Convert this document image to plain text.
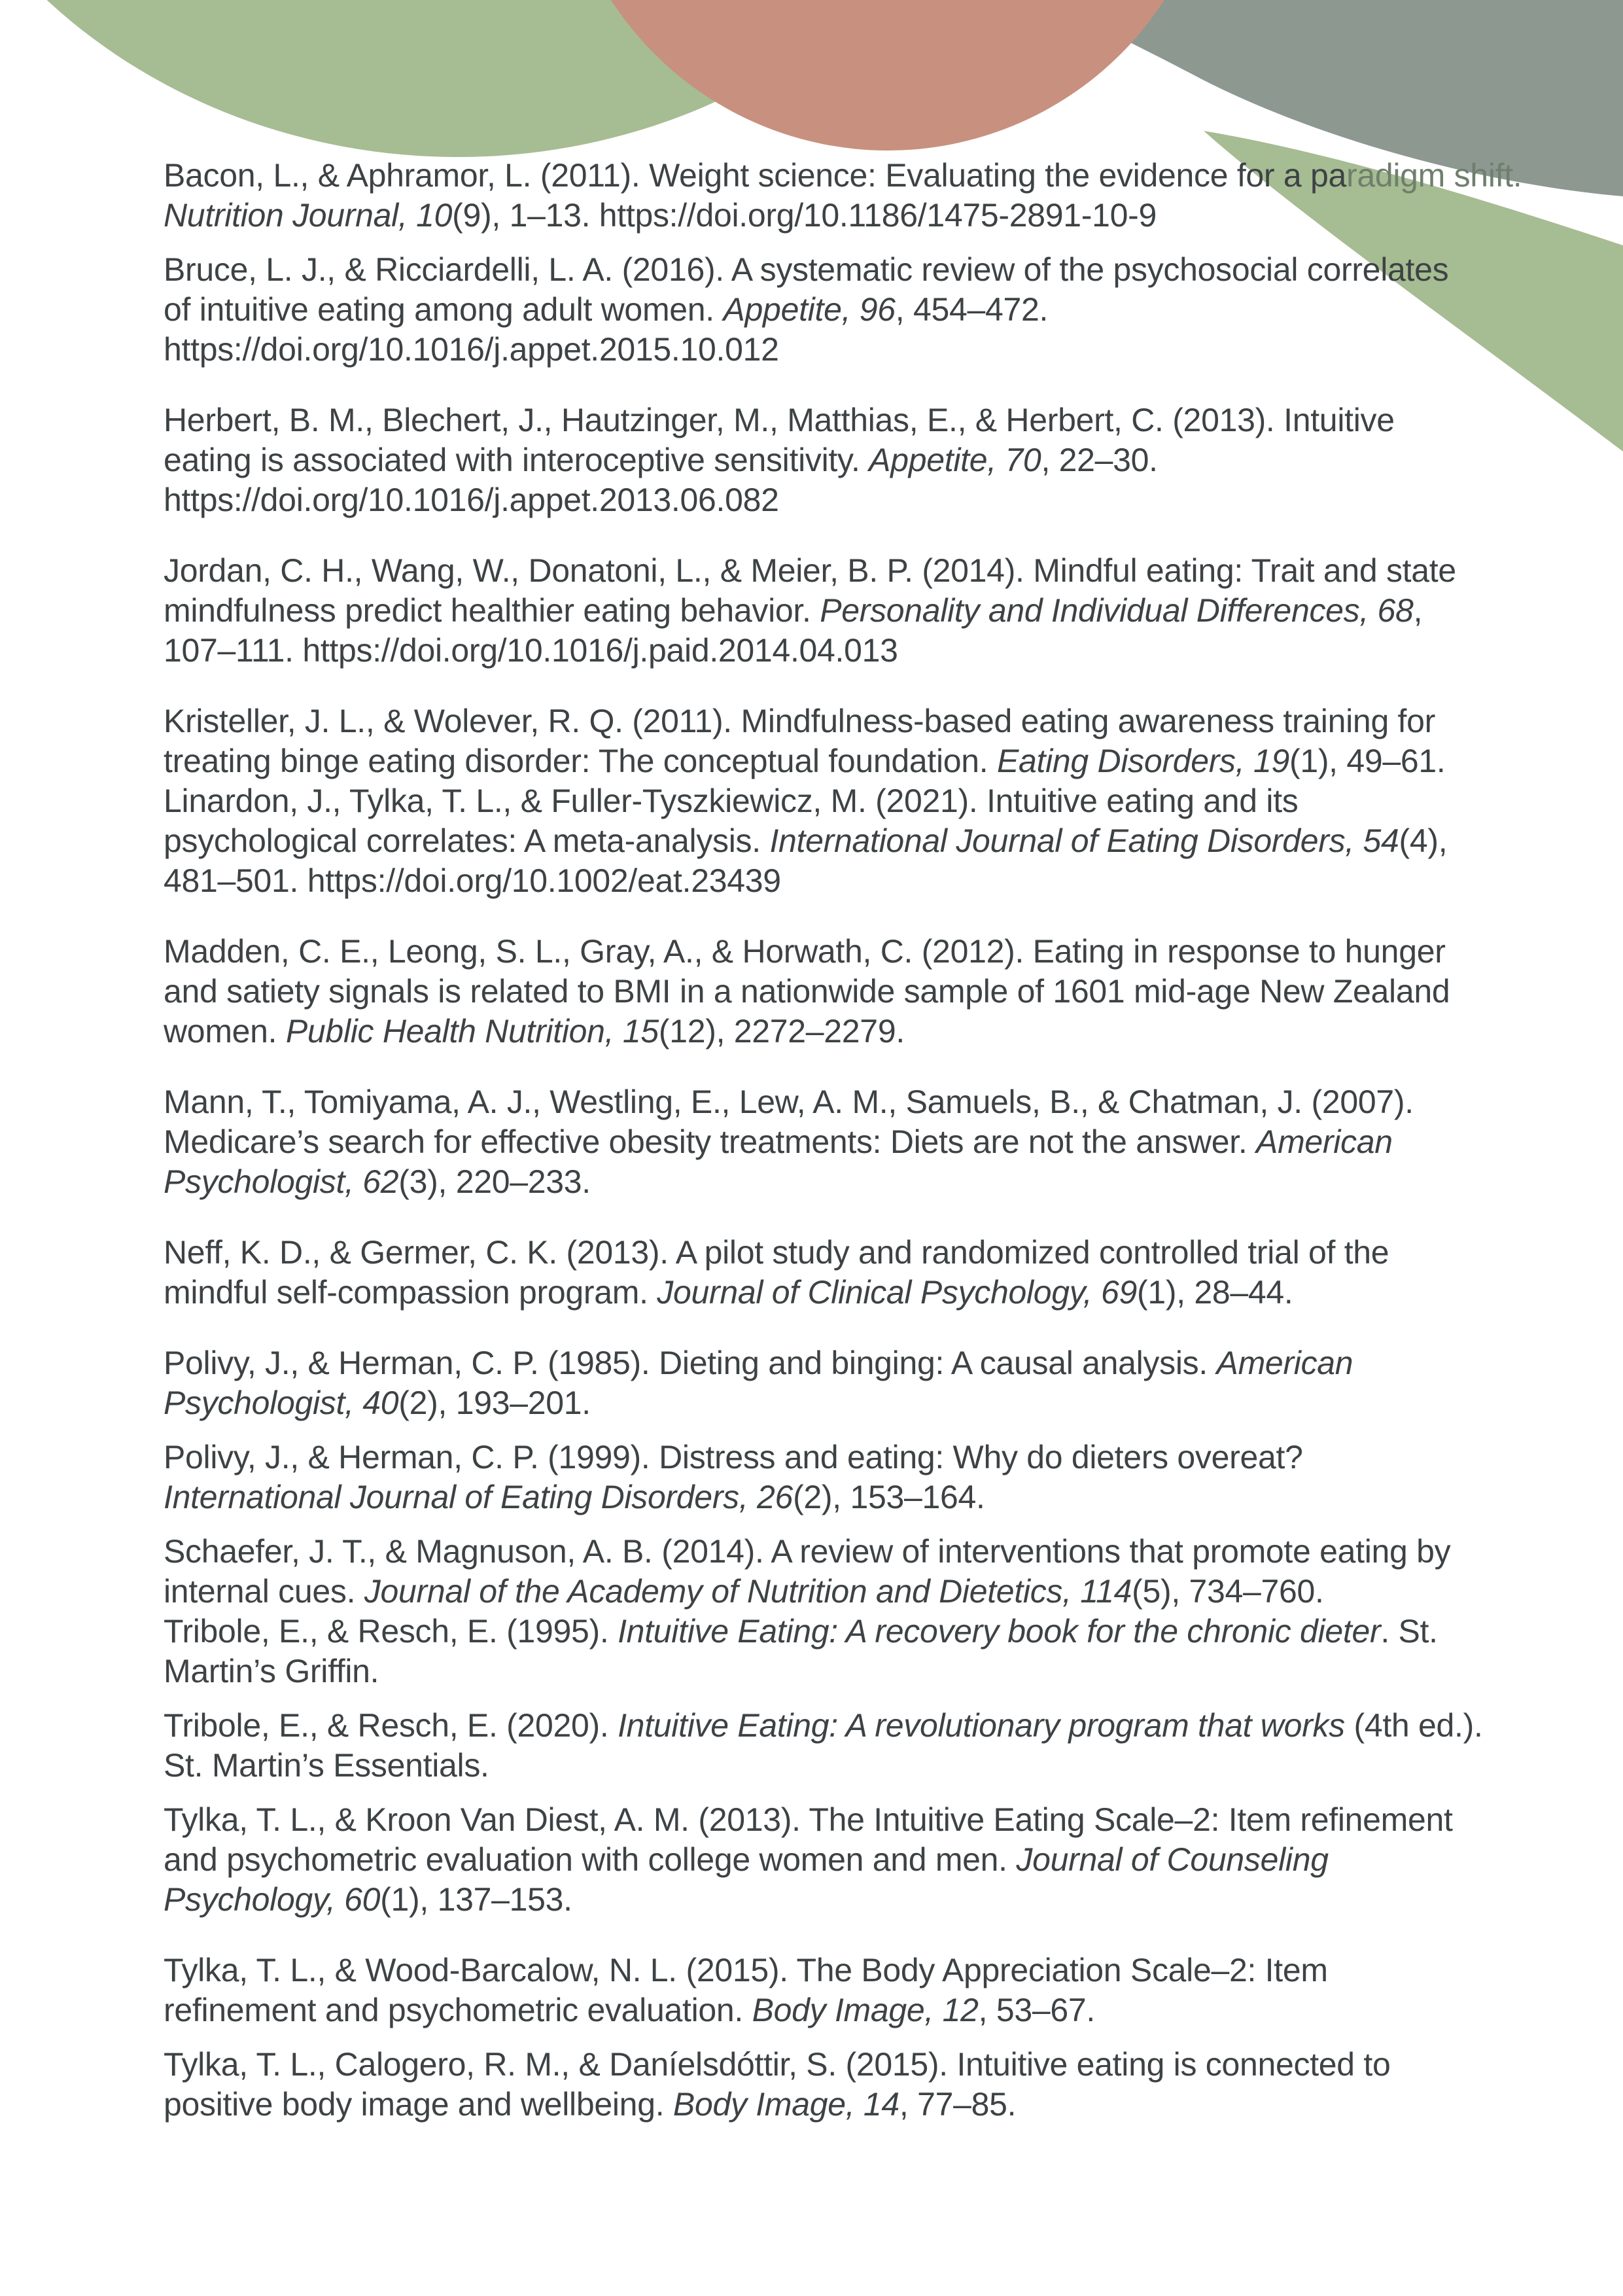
Bacon, L., & Aphramor, L. (2011). Weight science: Evaluating the evidence for a paradigm shift.
Nutrition Journal, 10(9), 1–13. https://doi.org/10.1186/1475-2891-10-9
Bruce, L. J., & Ricciardelli, L. A. (2016). A systematic review of the psychosocial correlates
of intuitive eating among adult women. Appetite, 96, 454–472.
https://doi.org/10.1016/j.appet.2015.10.012
Herbert, B. M., Blechert, J., Hautzinger, M., Matthias, E., & Herbert, C. (2013). Intuitive
eating is associated with interoceptive sensitivity. Appetite, 70, 22–30.
https://doi.org/10.1016/j.appet.2013.06.082
Jordan, C. H., Wang, W., Donatoni, L., & Meier, B. P. (2014). Mindful eating: Trait and state
mindfulness predict healthier eating behavior. Personality and Individual Differences, 68,
107–111. https://doi.org/10.1016/j.paid.2014.04.013
Kristeller, J. L., & Wolever, R. Q. (2011). Mindfulness-based eating awareness training for
treating binge eating disorder: The conceptual foundation. Eating Disorders, 19(1), 49–61.
Linardon, J., Tylka, T. L., & Fuller-Tyszkiewicz, M. (2021). Intuitive eating and its
psychological correlates: A meta-analysis. International Journal of Eating Disorders, 54(4),
481–501. https://doi.org/10.1002/eat.23439
Madden, C. E., Leong, S. L., Gray, A., & Horwath, C. (2012). Eating in response to hunger
and satiety signals is related to BMI in a nationwide sample of 1601 mid-age New Zealand
women. Public Health Nutrition, 15(12), 2272–2279.
Mann, T., Tomiyama, A. J., Westling, E., Lew, A. M., Samuels, B., & Chatman, J. (2007).
Medicare’s search for effective obesity treatments: Diets are not the answer. American
Psychologist, 62(3), 220–233.
Neff, K. D., & Germer, C. K. (2013). A pilot study and randomized controlled trial of the
mindful self-compassion program. Journal of Clinical Psychology, 69(1), 28–44.
Polivy, J., & Herman, C. P. (1985). Dieting and binging: A causal analysis. American
Psychologist, 40(2), 193–201.
Polivy, J., & Herman, C. P. (1999). Distress and eating: Why do dieters overeat?
International Journal of Eating Disorders, 26(2), 153–164.
Schaefer, J. T., & Magnuson, A. B. (2014). A review of interventions that promote eating by
internal cues. Journal of the Academy of Nutrition and Dietetics, 114(5), 734–760.
Tribole, E., & Resch, E. (1995). Intuitive Eating: A recovery book for the chronic dieter. St.
Martin’s Griffin.
Tribole, E., & Resch, E. (2020). Intuitive Eating: A revolutionary program that works (4th ed.).
St. Martin’s Essentials.
Tylka, T. L., & Kroon Van Diest, A. M. (2013). The Intuitive Eating Scale–2: Item refinement
and psychometric evaluation with college women and men. Journal of Counseling
Psychology, 60(1), 137–153.
Tylka, T. L., & Wood-Barcalow, N. L. (2015). The Body Appreciation Scale–2: Item
refinement and psychometric evaluation. Body Image, 12, 53–67.
Tylka, T. L., Calogero, R. M., & Daníelsdóttir, S. (2015). Intuitive eating is connected to
positive body image and wellbeing. Body Image, 14, 77–85.
